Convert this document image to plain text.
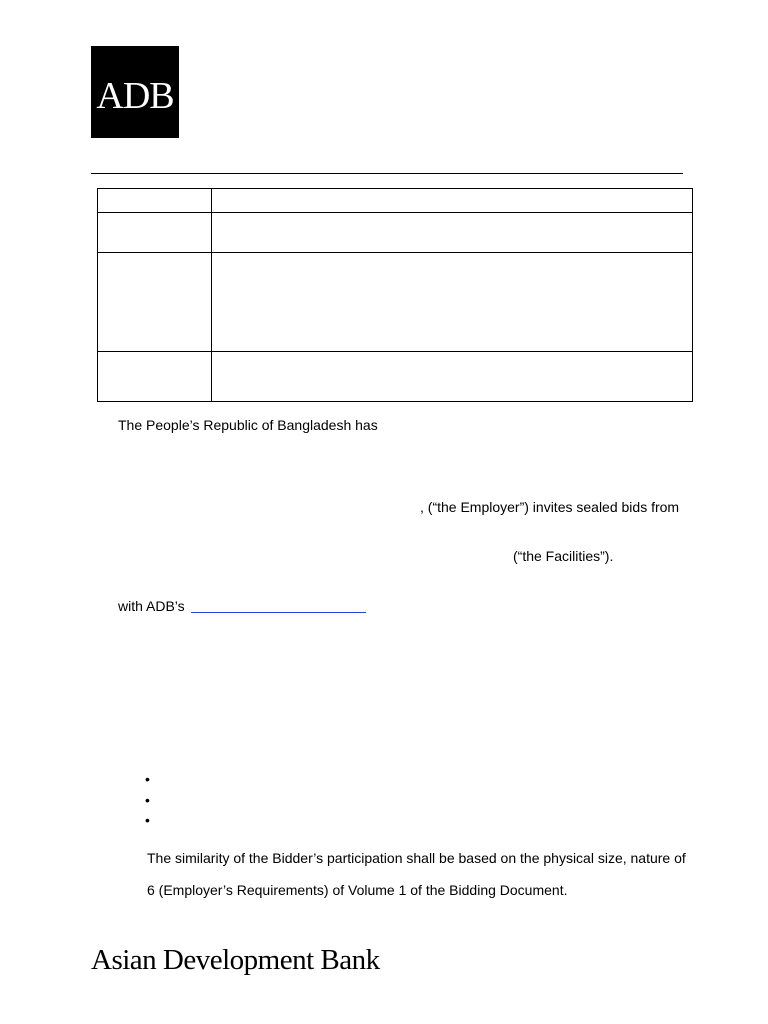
ADB

The People’s Republic of Bangladesh has
, (“the Employer”) invites sealed bids from
(“the Facilities”).
with ADB’s
•
•
•
The similarity of the Bidder’s participation shall be based on the physical size, nature of
6 (Employer’s Requirements) of Volume 1 of the Bidding Document.
Asian Development Bank
